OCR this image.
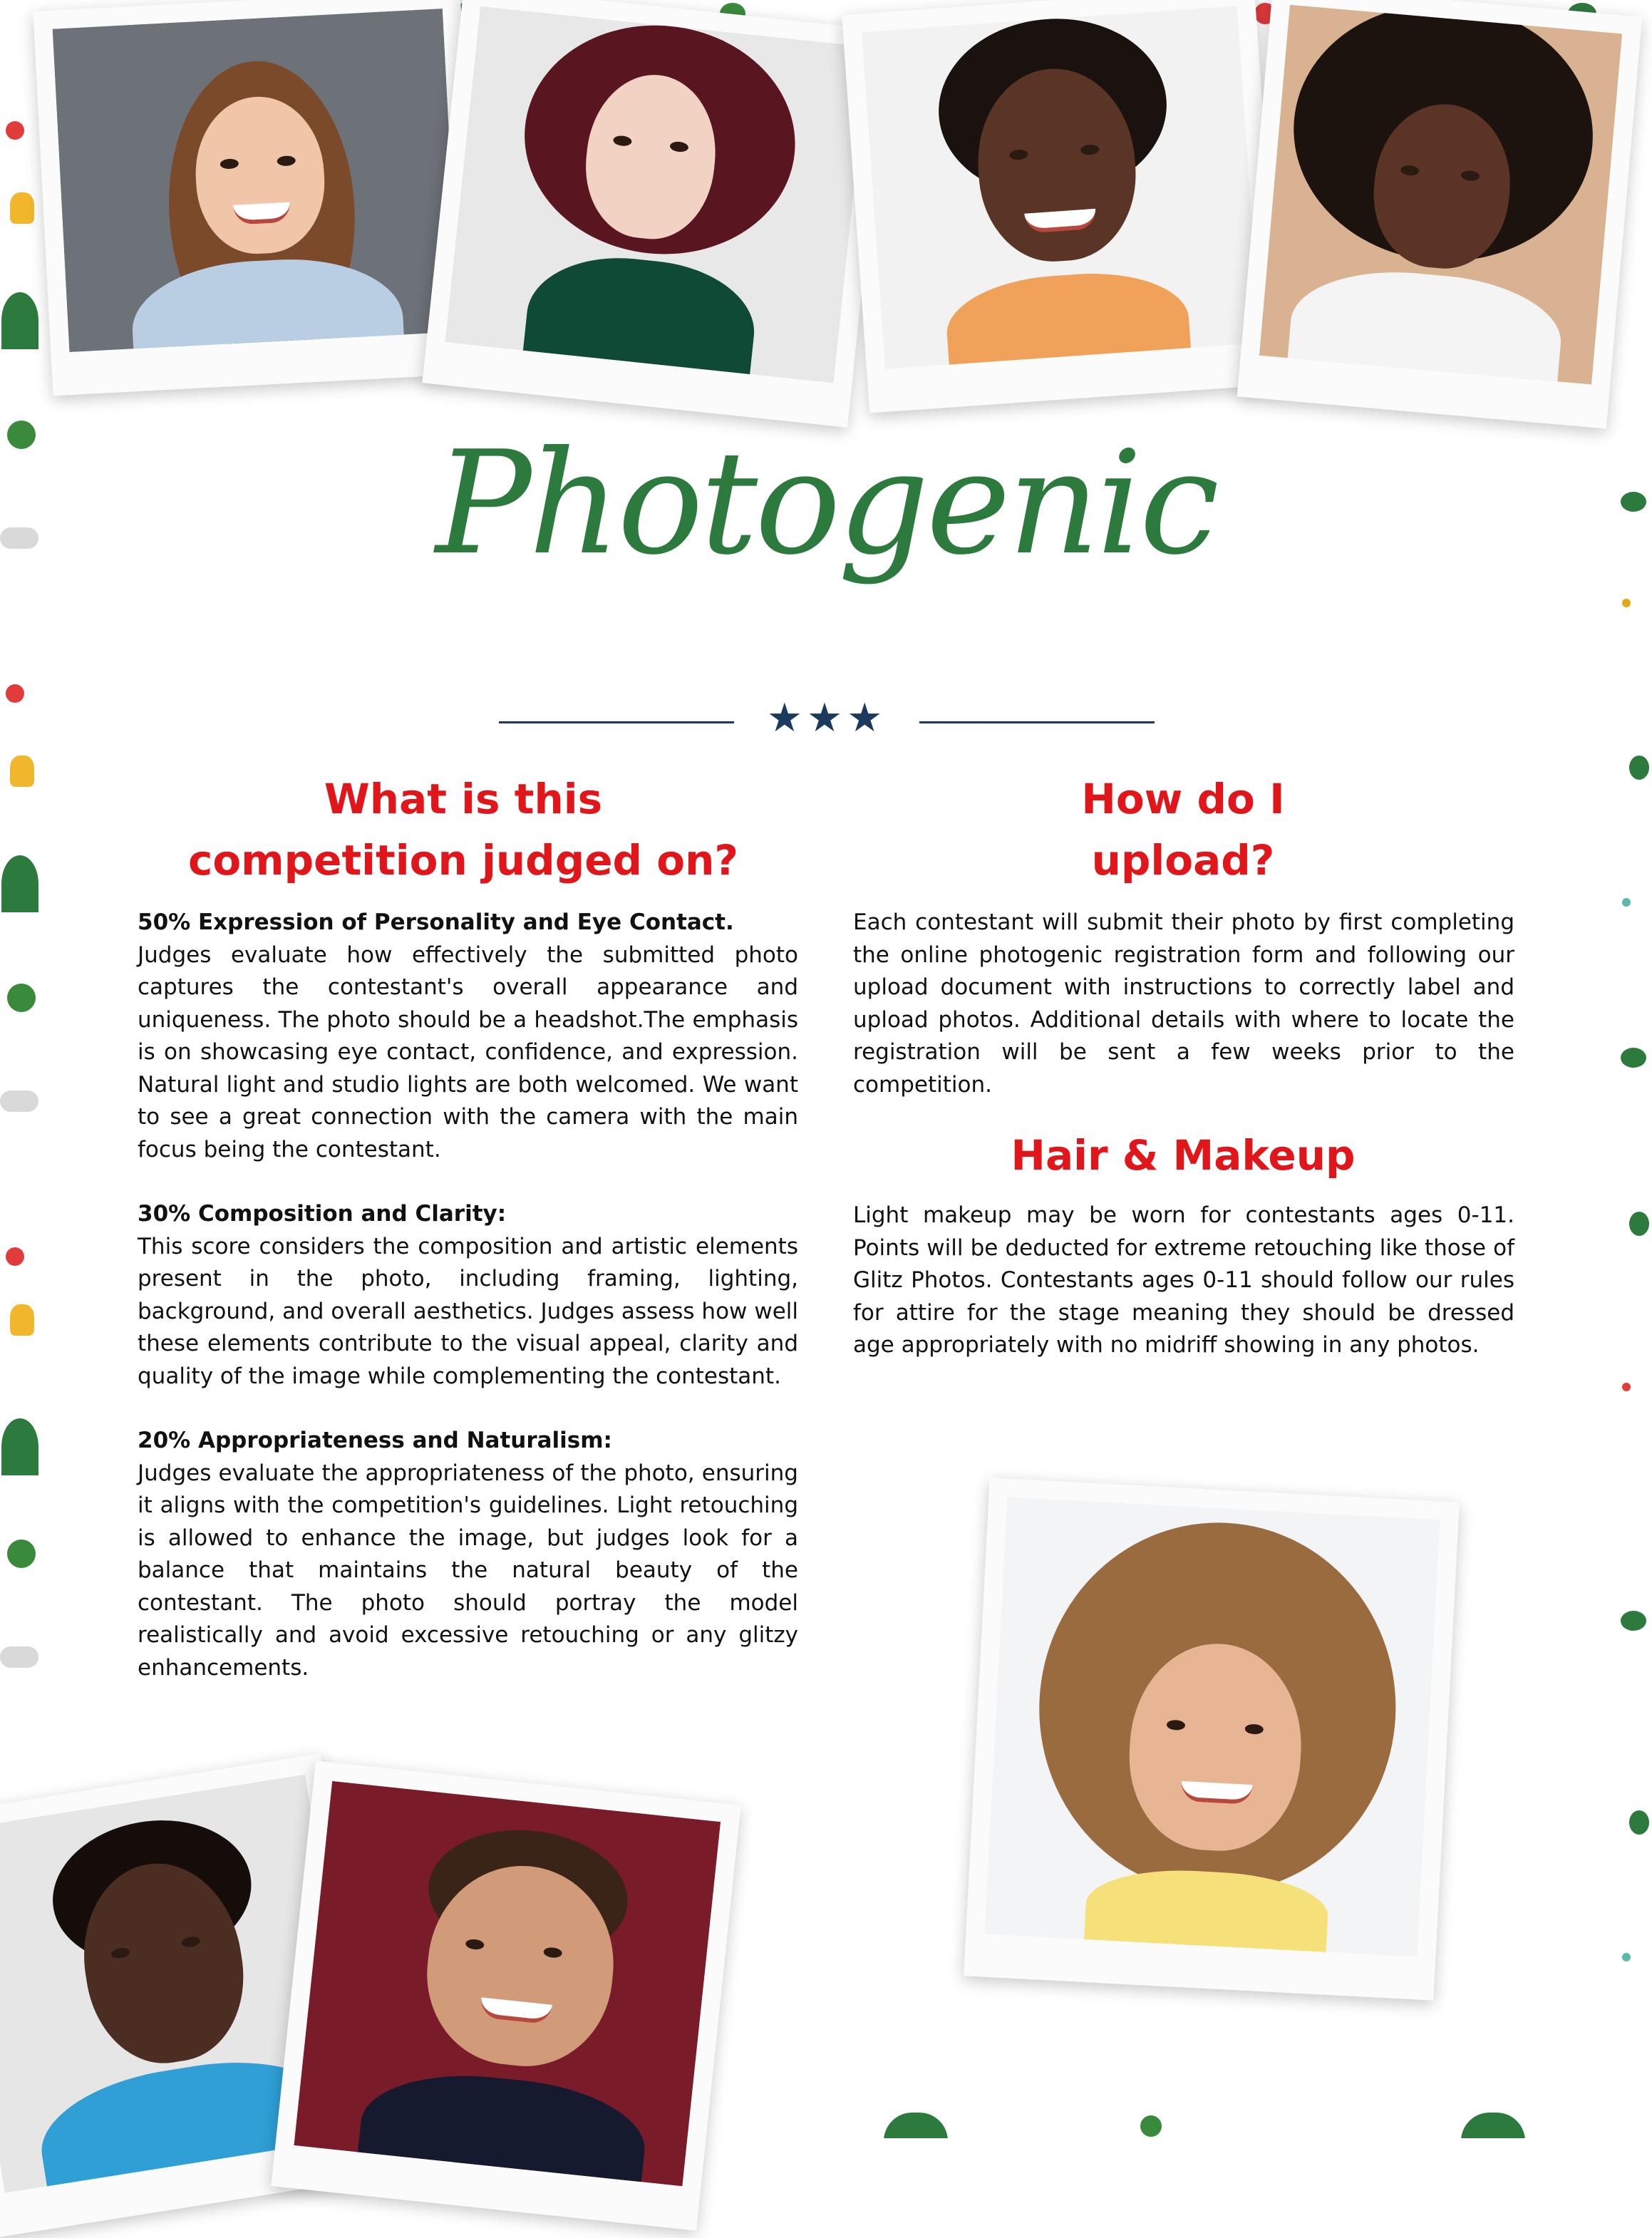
Photogenic
★★★
What is this
competition judged on?
50% Expression of Personality and Eye Contact.
Judges evaluate how effectively the submitted photo captures the contestant's overall appearance and uniqueness. The photo should be a headshot.The emphasis is on showcasing eye contact, confidence, and expression. Natural light and studio lights are both welcomed. We want to see a great connection with the camera with the main focus being the contestant.
30% Composition and Clarity:
This score considers the composition and artistic elements present in the photo, including framing, lighting, background, and overall aesthetics. Judges assess how well these elements contribute to the visual appeal, clarity and quality of the image while complementing the contestant.
20% Appropriateness and Naturalism:
Judges evaluate the appropriateness of the photo, ensuring it aligns with the competition's guidelines. Light retouching is allowed to enhance the image, but judges look for a balance that maintains the natural beauty of the contestant. The photo should portray the model realistically and avoid excessive retouching or any glitzy enhancements.
How do I
upload?
Each contestant will submit their photo by first completing the online photogenic registration form and following our upload document with instructions to correctly label and upload photos. Additional details with where to locate the registration will be sent a few weeks prior to the competition.
Hair & Makeup
Light makeup may be worn for contestants ages 0-11. Points will be deducted for extreme retouching like those of Glitz Photos. Contestants ages 0-11 should follow our rules for attire for the stage meaning they should be dressed age appropriately with no midriff showing in any photos.
